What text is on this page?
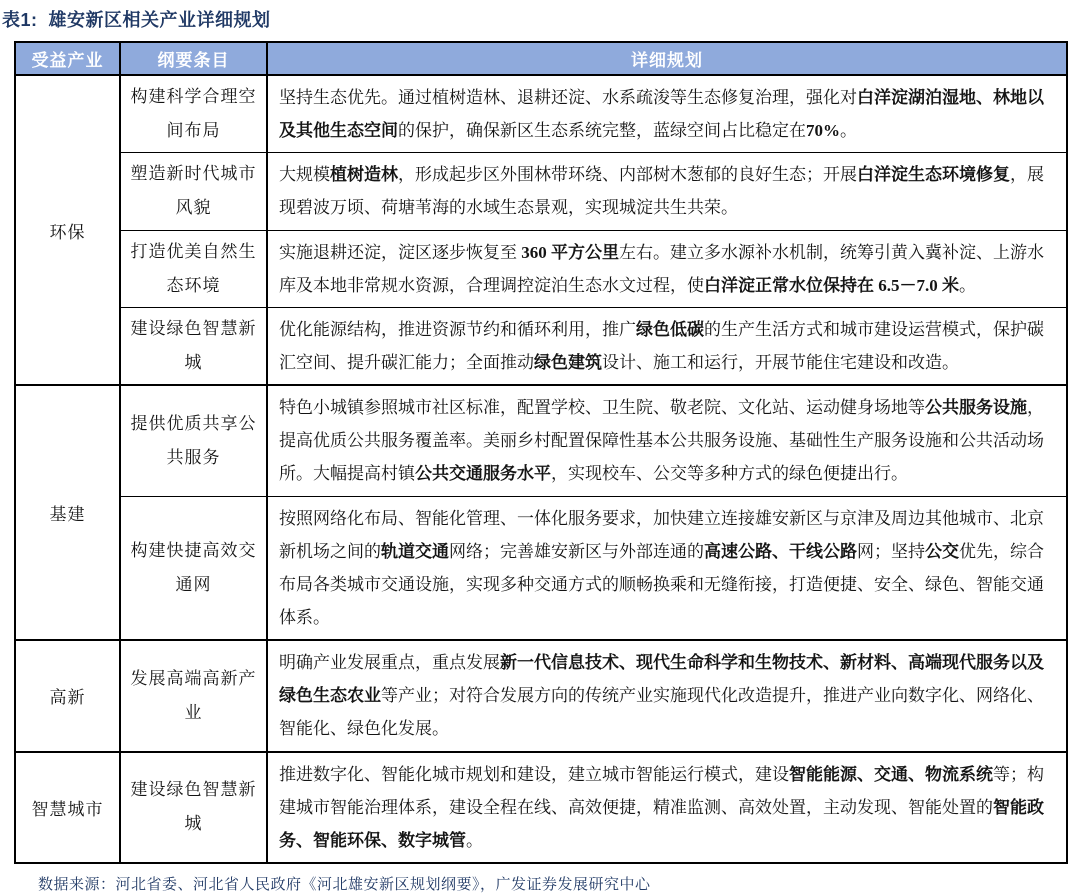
表1:  雄安新区相关产业详细规划
受益产业	纲要条目	详细规划
环保	构建科学合理空间布局	坚持生态优先。通过植树造林、退耕还淀、水系疏浚等生态修复治理，强化对白洋淀湖泊湿地、林地以及其他生态空间的保护，确保新区生态系统完整，蓝绿空间占比稳定在70%。
	塑造新时代城市风貌	大规模植树造林，形成起步区外围林带环绕、内部树木葱郁的良好生态；开展白洋淀生态环境修复，展现碧波万顷、荷塘苇海的水域生态景观，实现城淀共生共荣。
	打造优美自然生态环境	实施退耕还淀，淀区逐步恢复至 360 平方公里左右。建立多水源补水机制，统筹引黄入冀补淀、上游水库及本地非常规水资源，合理调控淀泊生态水文过程，使白洋淀正常水位保持在 6.5－7.0 米。
	建设绿色智慧新城	优化能源结构，推进资源节约和循环利用，推广绿色低碳的生产生活方式和城市建设运营模式，保护碳汇空间、提升碳汇能力；全面推动绿色建筑设计、施工和运行，开展节能住宅建设和改造。
基建	提供优质共享公共服务	特色小城镇参照城市社区标准，配置学校、卫生院、敬老院、文化站、运动健身场地等公共服务设施，提高优质公共服务覆盖率。美丽乡村配置保障性基本公共服务设施、基础性生产服务设施和公共活动场所。大幅提高村镇公共交通服务水平，实现校车、公交等多种方式的绿色便捷出行。
	构建快捷高效交通网	按照网络化布局、智能化管理、一体化服务要求，加快建立连接雄安新区与京津及周边其他城市、北京新机场之间的轨道交通网络；完善雄安新区与外部连通的高速公路、干线公路网；坚持公交优先，综合布局各类城市交通设施，实现多种交通方式的顺畅换乘和无缝衔接，打造便捷、安全、绿色、智能交通体系。
高新	发展高端高新产业	明确产业发展重点，重点发展新一代信息技术、现代生命科学和生物技术、新材料、高端现代服务以及绿色生态农业等产业；对符合发展方向的传统产业实施现代化改造提升，推进产业向数字化、网络化、智能化、绿色化发展。
智慧城市	建设绿色智慧新城	推进数字化、智能化城市规划和建设，建立城市智能运行模式，建设智能能源、交通、物流系统等；构建城市智能治理体系，建设全程在线、高效便捷，精准监测、高效处置，主动发现、智能处置的智能政务、智能环保、数字城管。
数据来源：河北省委、河北省人民政府《河北雄安新区规划纲要》，广发证券发展研究中心
